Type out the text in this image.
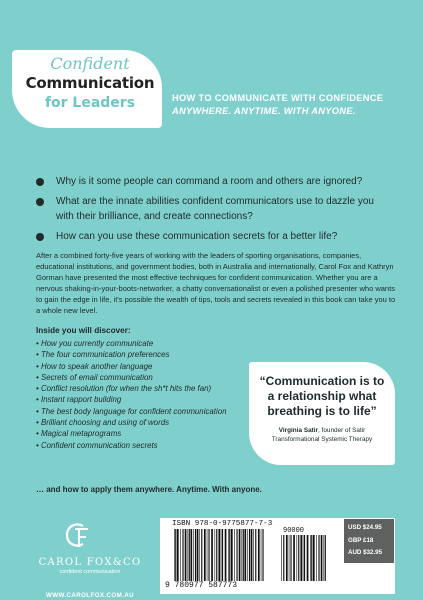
Confident
Communication
for Leaders	HOW TO COMMUNICATE WITH CONFIDENCE
ANYWHERE. ANYTIME. WITH ANYONE.
Why is it some people can command a room and others are ignored?
What are the innate abilities confident communicators use to dazzle you with their brilliance, and create connections?
How can you use these communication secrets for a better life?

After a combined forty-five years of working with the leaders of sporting organisations, companies, educational institutions, and government bodies, both in Australia and internationally, Carol Fox and Kathryn Gorman have presented the most effective techniques for confident communication. Whether you are a nervous shaking-in-your-boots-networker, a chatty conversationalist or even a polished presenter who wants to gain the edge in life, it's possible the wealth of tips, tools and secrets revealed in this book can take you to a whole new level.

Inside you will discover:
• How you currently communicate
• The four communication preferences
• How to speak another language
• Secrets of email communication
• Conflict resolution (for when the sh*t hits the fan)
• Instant rapport building
• The best body language for confident communication
• Brilliant choosing and using of words
• Magical metaprograms
• Confident communication secrets
… and how to apply them anywhere. Anytime. With anyone.
“Communication is to a relationship what breathing is to life”
Virginia Satir, founder of Satir
Transformational Systemic Therapy
CAROL FOX&CO
confident communication
WWW.CAROLFOX.COM.AU
ISBN 978-0-9775877-7-3
90000
9 780977 587773
USD $24.95
GBP £18
AUD $32.95
